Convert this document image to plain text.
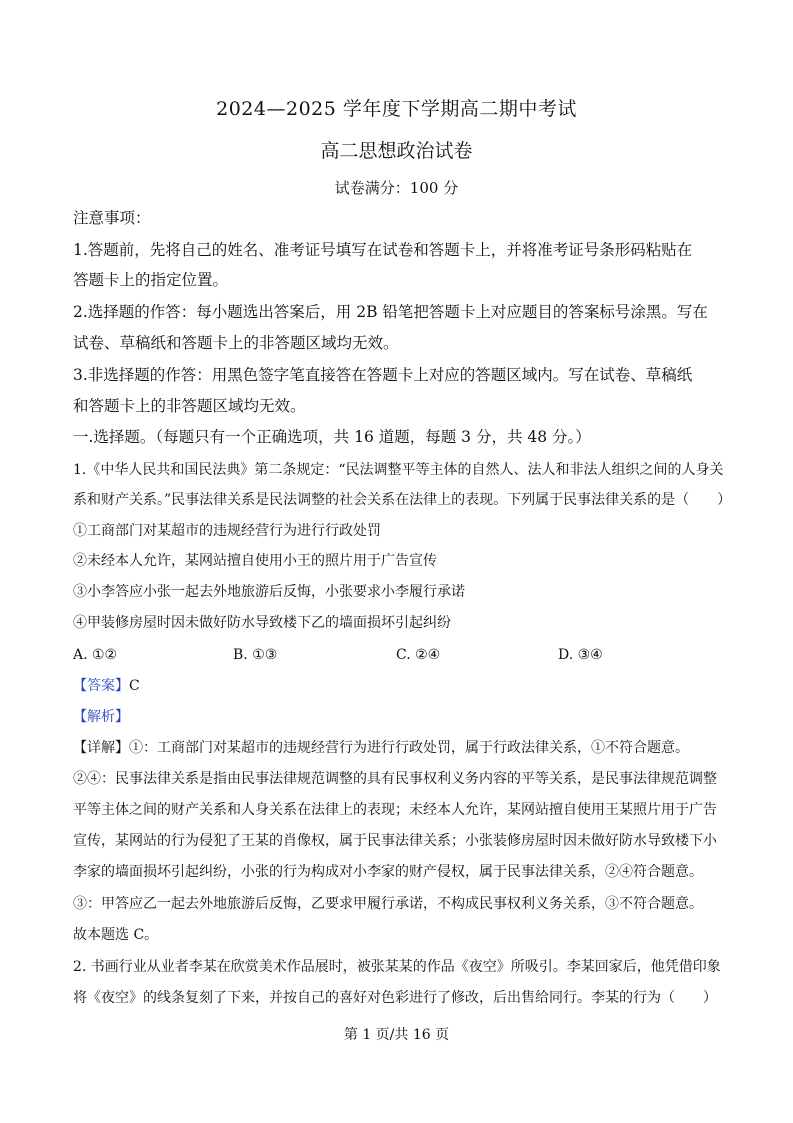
2024—2025 学年度下学期高二期中考试
高二思想政治试卷
试卷满分：100 分
注意事项：
1.答题前，先将自己的姓名、准考证号填写在试卷和答题卡上，并将准考证号条形码粘贴在
答题卡上的指定位置。
2.选择题的作答：每小题选出答案后，用 2B 铅笔把答题卡上对应题目的答案标号涂黑。写在
试卷、草稿纸和答题卡上的非答题区域均无效。
3.非选择题的作答：用黑色签字笔直接答在答题卡上对应的答题区域内。写在试卷、草稿纸
和答题卡上的非答题区域均无效。
一.选择题。（每题只有一个正确选项，共 16 道题，每题 3 分，共 48 分。）
1.《中华人民共和国民法典》第二条规定：“民法调整平等主体的自然人、法人和非法人组织之间的人身关
系和财产关系。”民事法律关系是民法调整的社会关系在法律上的表现。下列属于民事法律关系的是（　　）
①工商部门对某超市的违规经营行为进行行政处罚
②未经本人允许，某网站擅自使用小王的照片用于广告宣传
③小李答应小张一起去外地旅游后反悔，小张要求小李履行承诺
④甲装修房屋时因未做好防水导致楼下乙的墙面损坏引起纠纷
A. ①②	B. ①③	C. ②④	D. ③④
【答案】C
【解析】
【详解】①：工商部门对某超市的违规经营行为进行行政处罚，属于行政法律关系，①不符合题意。
②④：民事法律关系是指由民事法律规范调整的具有民事权利义务内容的平等关系，是民事法律规范调整
平等主体之间的财产关系和人身关系在法律上的表现；未经本人允许，某网站擅自使用王某照片用于广告
宣传，某网站的行为侵犯了王某的肖像权，属于民事法律关系；小张装修房屋时因未做好防水导致楼下小
李家的墙面损坏引起纠纷，小张的行为构成对小李家的财产侵权，属于民事法律关系，②④符合题意。
③：甲答应乙一起去外地旅游后反悔，乙要求甲履行承诺，不构成民事权利义务关系，③不符合题意。
故本题选 C。
2. 书画行业从业者李某在欣赏美术作品展时，被张某某的作品《夜空》所吸引。李某回家后，他凭借印象
将《夜空》的线条复刻了下来，并按自己的喜好对色彩进行了修改，后出售给同行。李某的行为（　　）
第 1 页/共 16 页
